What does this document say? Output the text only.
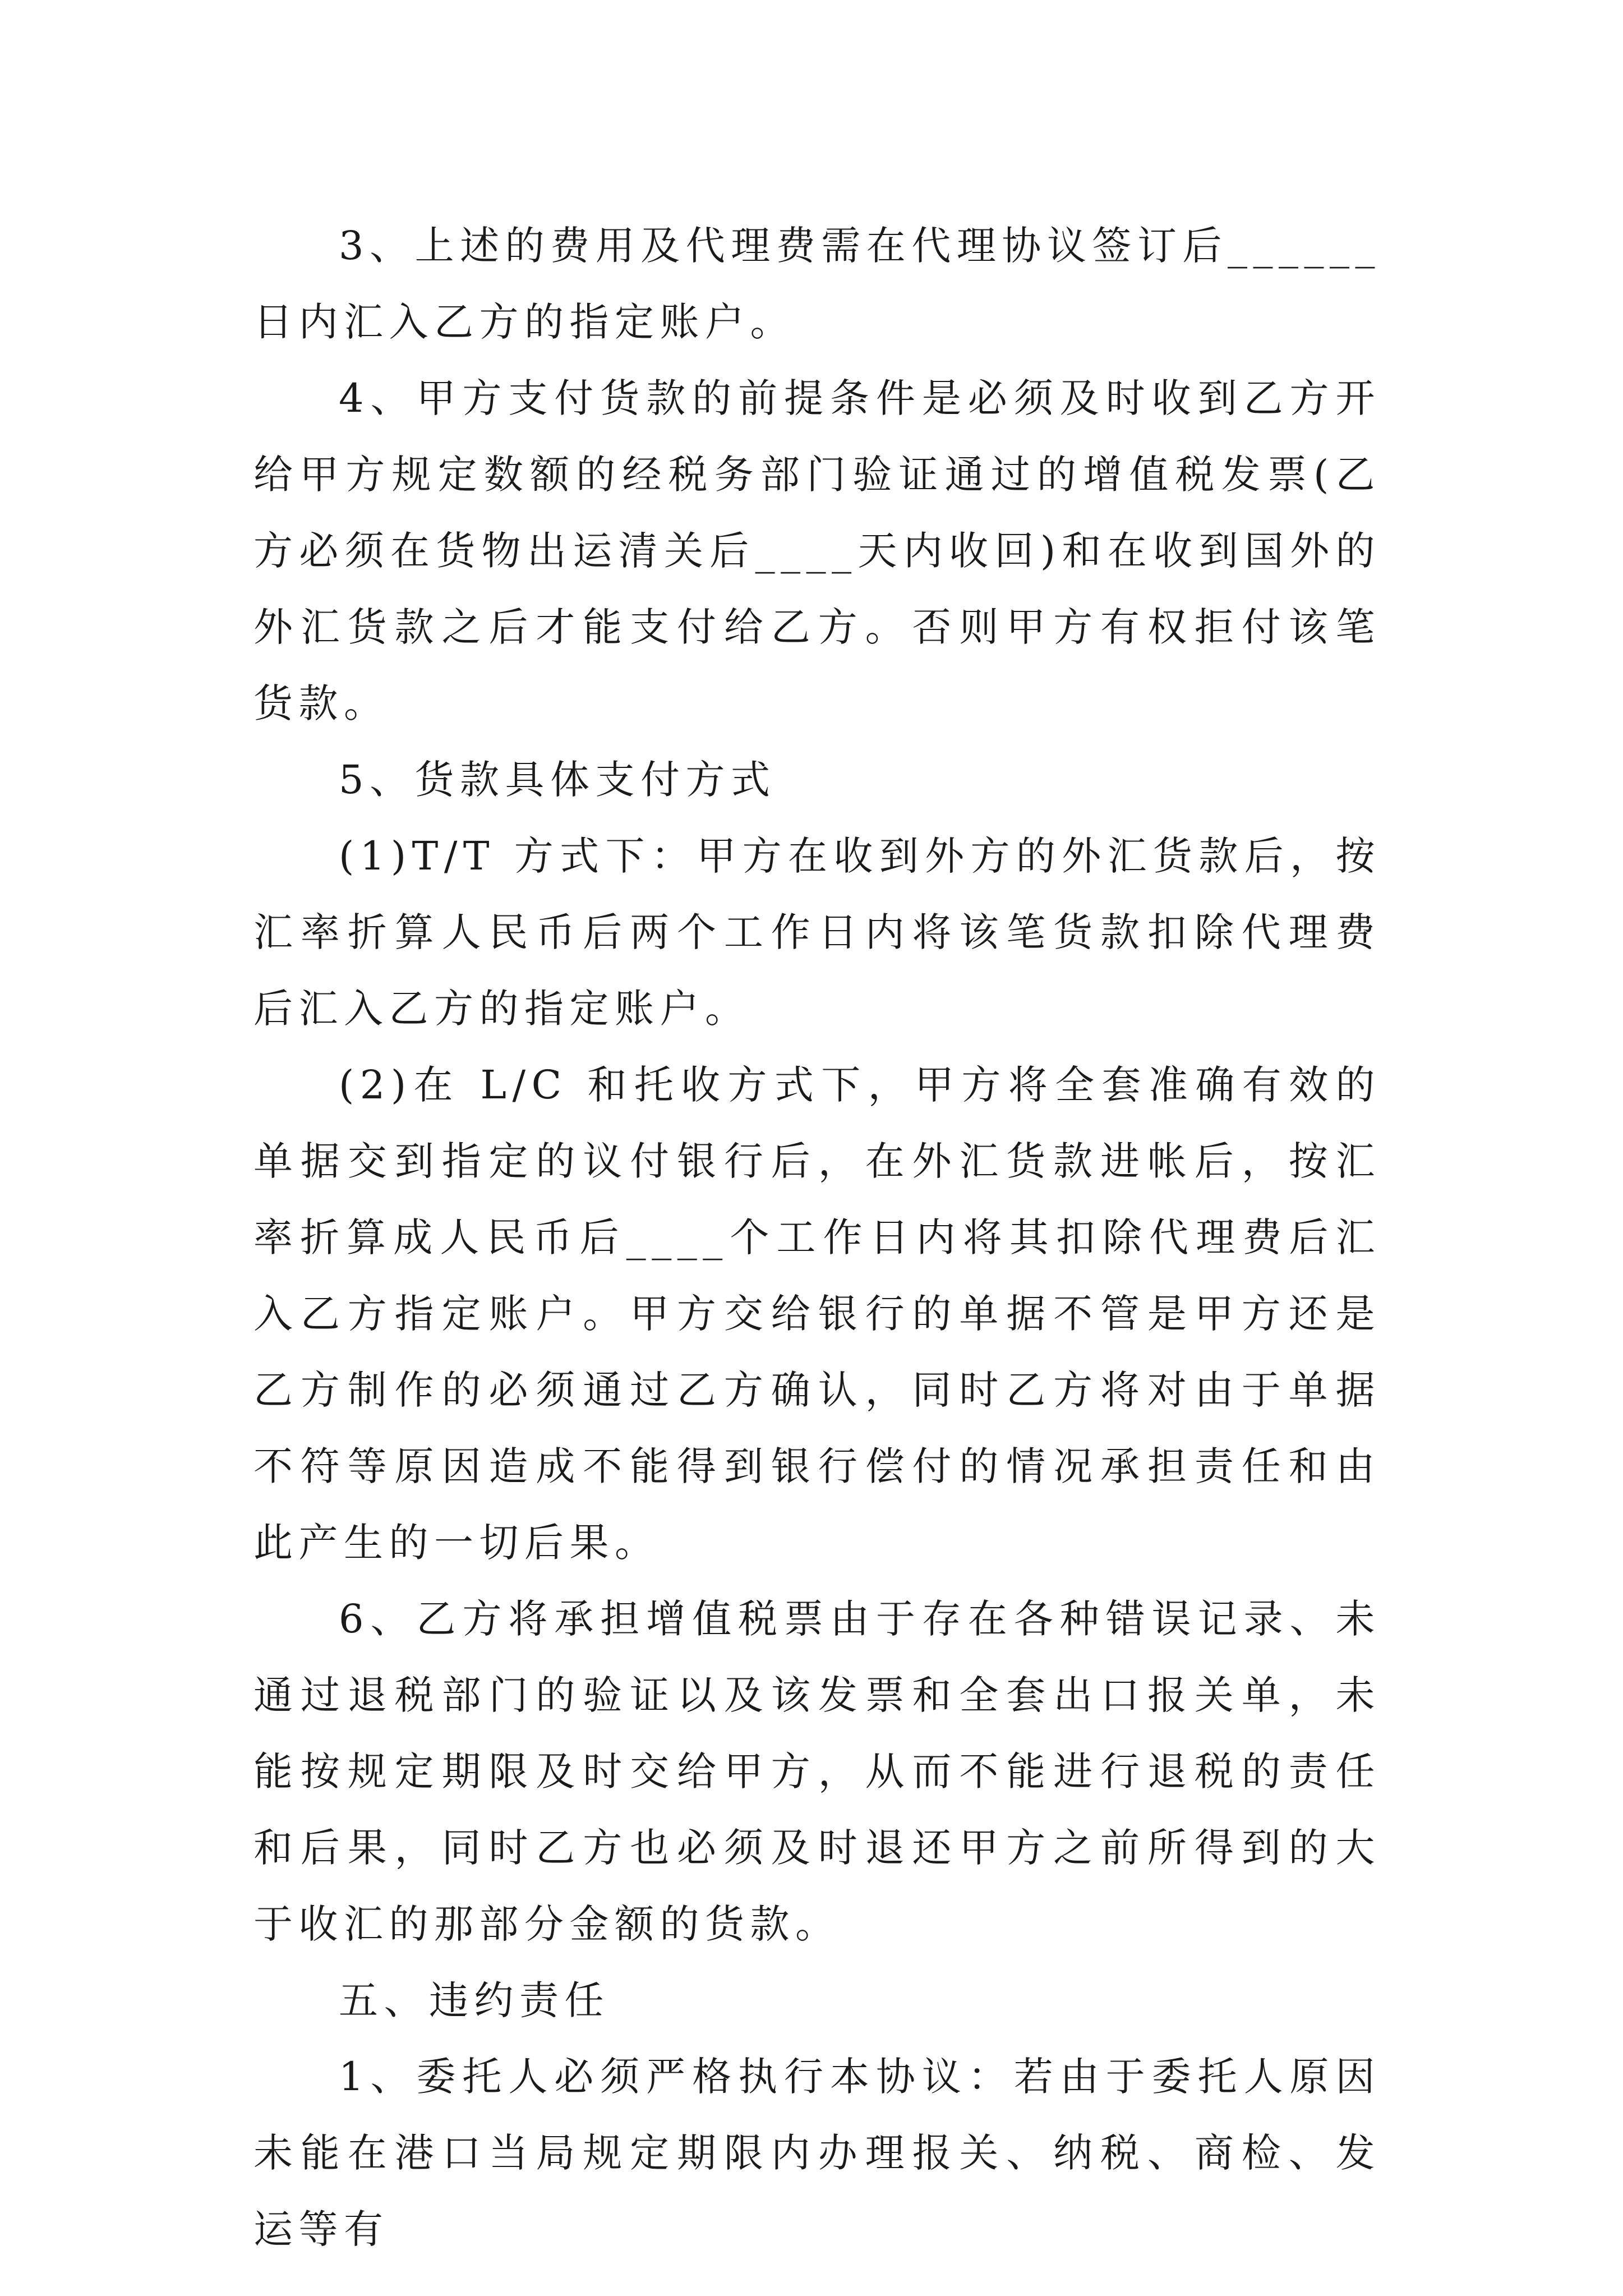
3、上述的费用及代理费需在代理协议签订后______日内汇入乙方的指定账户。

4、甲方支付货款的前提条件是必须及时收到乙方开给甲方规定数额的经税务部门验证通过的增值税发票(乙方必须在货物出运清关后____天内收回)和在收到国外的外汇货款之后才能支付给乙方。否则甲方有权拒付该笔货款。

5、货款具体支付方式

(1)T/T 方式下：甲方在收到外方的外汇货款后，按汇率折算人民币后两个工作日内将该笔货款扣除代理费后汇入乙方的指定账户。

(2)在 L/C 和托收方式下，甲方将全套准确有效的单据交到指定的议付银行后，在外汇货款进帐后，按汇率折算成人民币后____个工作日内将其扣除代理费后汇入乙方指定账户。甲方交给银行的单据不管是甲方还是乙方制作的必须通过乙方确认，同时乙方将对由于单据不符等原因造成不能得到银行偿付的情况承担责任和由此产生的一切后果。

6、乙方将承担增值税票由于存在各种错误记录、未通过退税部门的验证以及该发票和全套出口报关单，未能按规定期限及时交给甲方，从而不能进行退税的责任和后果，同时乙方也必须及时退还甲方之前所得到的大于收汇的那部分金额的货款。

五、违约责任

1、委托人必须严格执行本协议：若由于委托人原因未能在港口当局规定期限内办理报关、纳税、商检、发运等有
